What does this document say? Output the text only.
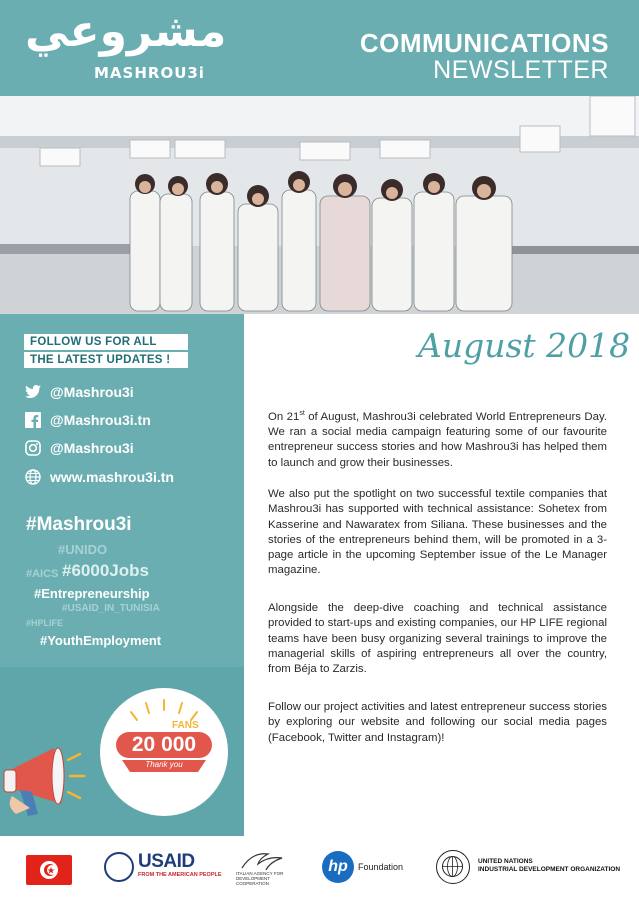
مشروعي
MASHROU3i
COMMUNICATIONS
NEWSLETTER
FOLLOW US FOR ALL
THE LATEST UPDATES !
@Mashrou3i
@Mashrou3i.tn
@Mashrou3i
www.mashrou3i.tn
#Mashrou3i
#UNIDO
#AICS #6000Jobs
#Entrepreneurship
#USAID_IN_TUNISIA
#HPLIFE
#YouthEmployment
FANS
20 000
Thank you
August 2018

On 21st of August, Mashrou3i celebrated World Entrepreneurs Day. We ran a social media campaign featuring some of our favourite entrepreneur success stories and how Mashrou3i has helped them to launch and grow their businesses.

We also put the spotlight on two successful textile companies that Mashrou3i has supported with technical assistance: Sohetex from Kasserine and Nawaratex from Siliana. These businesses and the stories of the entrepreneurs behind them, will be promoted in a 3-page article in the upcoming September issue of the Le Manager magazine.

Alongside the deep-dive coaching and technical assistance provided to start-ups and existing companies, our HP LIFE regional teams have been busy organizing several trainings to improve the managerial skills of aspiring entrepreneurs all over the country, from Béja to Zarzis.

Follow our project activities and latest entrepreneur success stories by exploring our website and following our social media pages (Facebook, Twitter and Instagram)!

USAID
FROM THE AMERICAN PEOPLE	ITALIAN AGENCY FOR DEVELOPMENT COOPERATION
hp	Foundation
UNITED NATIONS
INDUSTRIAL DEVELOPMENT ORGANIZATION
